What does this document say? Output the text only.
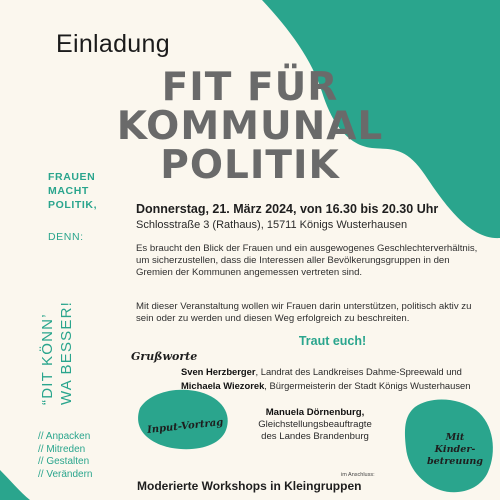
Einladung
FIT FÜR
KOMMUNAL
POLITIK
FRAUEN
MACHT
POLITIK,
DENN:
“DIT KÖNN’ WA BESSER!
// Anpacken
// Mitreden
// Gestalten
// Verändern
Donnerstag, 21. März 2024, von 16.30 bis 20.30 Uhr
Schlosstraße 3 (Rathaus), 15711 Königs Wusterhausen
Es braucht den Blick der Frauen und ein ausgewogenes Geschlechterverhältnis, um sicherzustellen, dass die Interessen aller Bevölkerungsgruppen in den Gremien der Kommunen angemessen vertreten sind.
Mit dieser Veranstaltung wollen wir Frauen darin unterstützen, politisch aktiv zu sein oder zu werden und diesen Weg erfolgreich zu beschreiten.
Traut euch!
Grußworte
Sven Herzberger, Landrat des Landkreises Dahme-Spreewald und
Michaela Wiezorek, Bürgermeisterin der Stadt Königs Wusterhausen
Input-Vortrag
Manuela Dörnenburg,
Gleichstellungsbeauftragte
des Landes Brandenburg	Mit
Kinder-
betreuung
im Anschluss:
Moderierte Workshops in Kleingruppen
